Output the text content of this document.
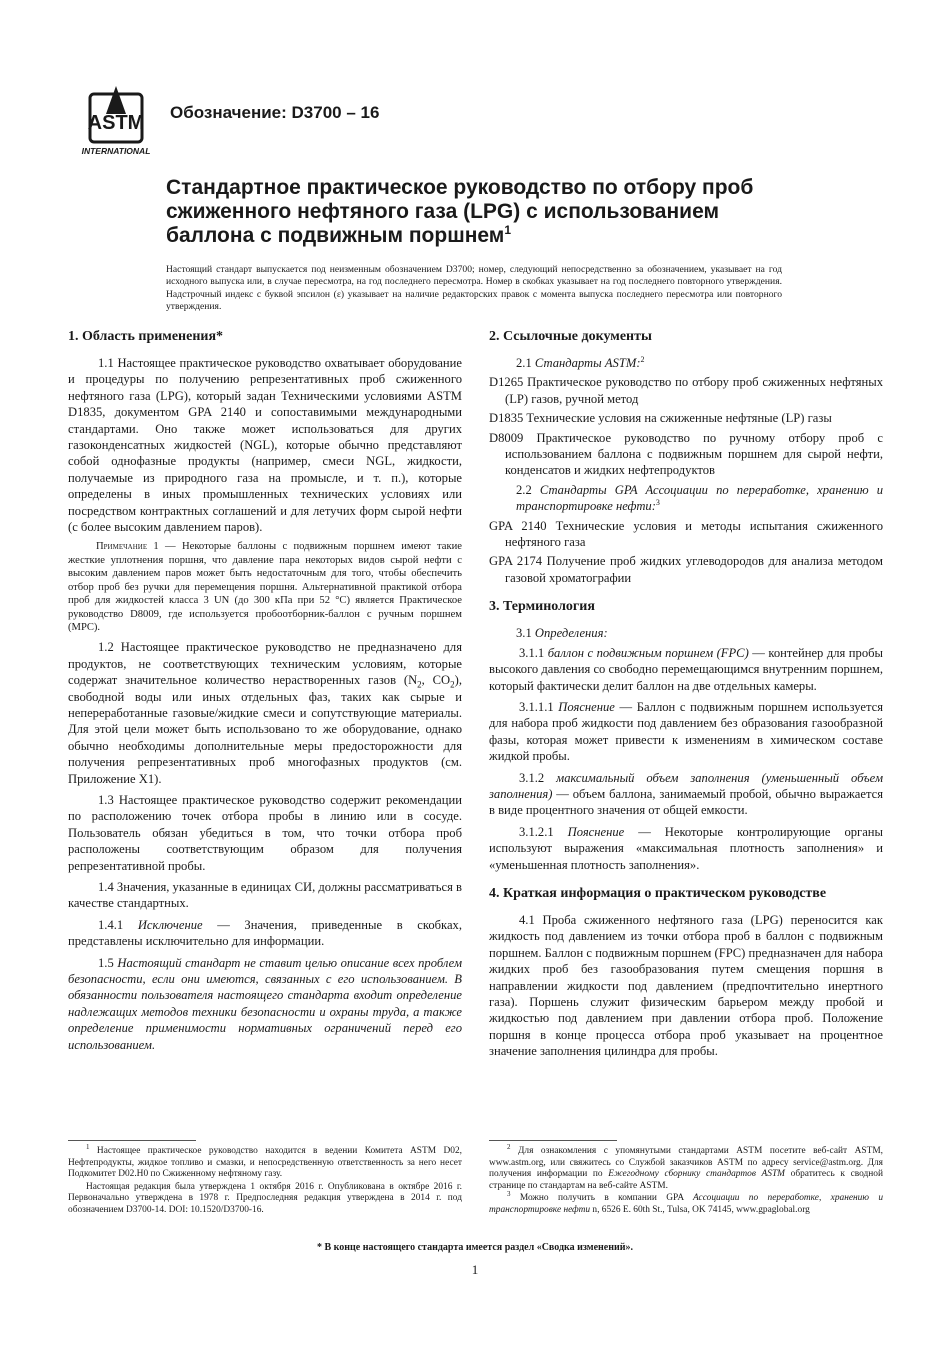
ASTM
INTERNATIONAL
Обозначение: D3700 – 16
Стандартное практическое руководство по отбору проб сжиженного нефтяного газа (LPG) с использованием баллона с подвижным поршнем$^1$
Настоящий стандарт выпускается под неизменным обозначением D3700; номер, следующий непосредственно за обозначением, указывает на год исходного выпуска или, в случае пересмотра, на год последнего пересмотра. Номер в скобках указывает на год последнего повторного утверждения. Надстрочный индекс с буквой эпсилон (ε) указывает на наличие редакторских правок с момента выпуска последнего пересмотра или повторного утверждения.
1. Область применения*

1.1 Настоящее практическое руководство охватывает оборудование и процедуры по получению репрезентативных проб сжиженного нефтяного газа (LPG), который задан Техническими условиями ASTM D1835, документом GPA 2140 и сопоставимыми международными стандартами. Оно также может использоваться для других газоконденсатных жидкостей (NGL), которые обычно представляют собой однофазные продукты (например, смеси NGL, жидкости, получаемые из природного газа на промысле, и т. п.), которые определены в иных промышленных технических условиях или посредством контрактных соглашений и для летучих форм сырой нефти (с более высоким давлением паров).

Примечание 1 — Некоторые баллоны с подвижным поршнем имеют такие жесткие уплотнения поршня, что давление пара некоторых видов сырой нефти с высоким давлением паров может быть недостаточным для того, чтобы обеспечить отбор проб без ручки для перемещения поршня. Альтернативной практикой отбора проб для жидкостей класса 3 UN (до 300 кПа при 52 °C) является Практическое руководство D8009, где используется пробоотборник-баллон с ручным поршнем (MPC).

1.2 Настоящее практическое руководство не предназначено для продуктов, не соответствующих техническим условиям, которые содержат значительное количество нерастворенных газов ($N_2$, $CO_2$), свободной воды или иных отдельных фаз, таких как сырые и непереработанные газовые/жидкие смеси и сопутствующие материалы. Для этой цели может быть использовано то же оборудование, однако обычно необходимы дополнительные меры предосторожности для получения репрезентативных проб многофазных продуктов (см. Приложение X1).

1.3 Настоящее практическое руководство содержит рекомендации по расположению точек отбора пробы в линию или в сосуде. Пользователь обязан убедиться в том, что точки отбора проб расположены соответствующим образом для получения репрезентативной пробы.

1.4 Значения, указанные в единицах СИ, должны рассматриваться в качестве стандартных.

1.4.1 Исключение — Значения, приведенные в скобках, представлены исключительно для информации.

1.5 Настоящий стандарт не ставит целью описание всех проблем безопасности, если они имеются, связанных с его использованием. В обязанности пользователя настоящего стандарта входит определение надлежащих методов техники безопасности и охраны труда, а также определение применимости нормативных ограничений перед его использованием.

2. Ссылочные документы

2.1 Стандарты ASTM:$^2$

D1265 Практическое руководство по отбору проб сжиженных нефтяных (LP) газов, ручной метод

D1835 Технические условия на сжиженные нефтяные (LP) газы

D8009 Практическое руководство по ручному отбору проб с использованием баллона с подвижным поршнем для сырой нефти, конденсатов и жидких нефтепродуктов

2.2 Стандарты GPA Ассоциации по переработке, хранению и транспортировке нефти:$^3$

GPA 2140 Технические условия и методы испытания сжиженного нефтяного газа

GPA 2174 Получение проб жидких углеводородов для анализа методом газовой хроматографии

3. Терминология

3.1 Определения:

3.1.1 баллон с подвижным поршнем (FPC) — контейнер для пробы высокого давления со свободно перемещающимся внутренним поршнем, который фактически делит баллон на две отдельных камеры.

3.1.1.1 Пояснение — Баллон с подвижным поршнем используется для набора проб жидкости под давлением без образования газообразной фазы, которая может привести к изменениям в химическом составе жидкой пробы.

3.1.2 максимальный объем заполнения (уменьшенный объем заполнения) — объем баллона, занимаемый пробой, обычно выражается в виде процентного значения от общей емкости.

3.1.2.1 Пояснение — Некоторые контролирующие органы используют выражения «максимальная плотность заполнения» и «уменьшенная плотность заполнения».

4. Краткая информация о практическом руководстве

4.1 Проба сжиженного нефтяного газа (LPG) переносится как жидкость под давлением из точки отбора проб в баллон с подвижным поршнем. Баллон с подвижным поршнем (FPC) предназначен для набора жидких проб без газообразования путем смещения поршня в направлении жидкости под давлением (предпочтительно инертного газа). Поршень служит физическим барьером между пробой и жидкостью под давлением при давлении отбора проб. Положение поршня в конце процесса отбора проб указывает на процентное значение заполнения цилиндра для пробы.

$^1$ Настоящее практическое руководство находится в ведении Комитета ASTM D02, Нефтепродукты, жидкое топливо и смазки, и непосредственную ответственность за него несет Подкомитет D02.H0 по Сжиженному нефтяному газу.

Настоящая редакция была утверждена 1 октября 2016 г. Опубликована в октябре 2016 г. Первоначально утверждена в 1978 г. Предпоследняя редакция утверждена в 2014 г. под обозначением D3700-14. DOI: 10.1520/D3700-16.

$^2$ Для ознакомления с упомянутыми стандартами ASTM посетите веб-сайт ASTM, www.astm.org, или свяжитесь со Службой заказчиков ASTM по адресу service@astm.org. Для получения информации по Ежегодному сборнику стандартов ASTM обратитесь к сводной странице по стандартам на веб-сайте ASTM.

$^3$ Можно получить в компании GPA Ассоциации по переработке, хранению и транспортировке нефти n, 6526 E. 60th St., Tulsa, OK 74145, www.gpaglobal.org

* В конце настоящего стандарта имеется раздел «Сводка изменений».
1
